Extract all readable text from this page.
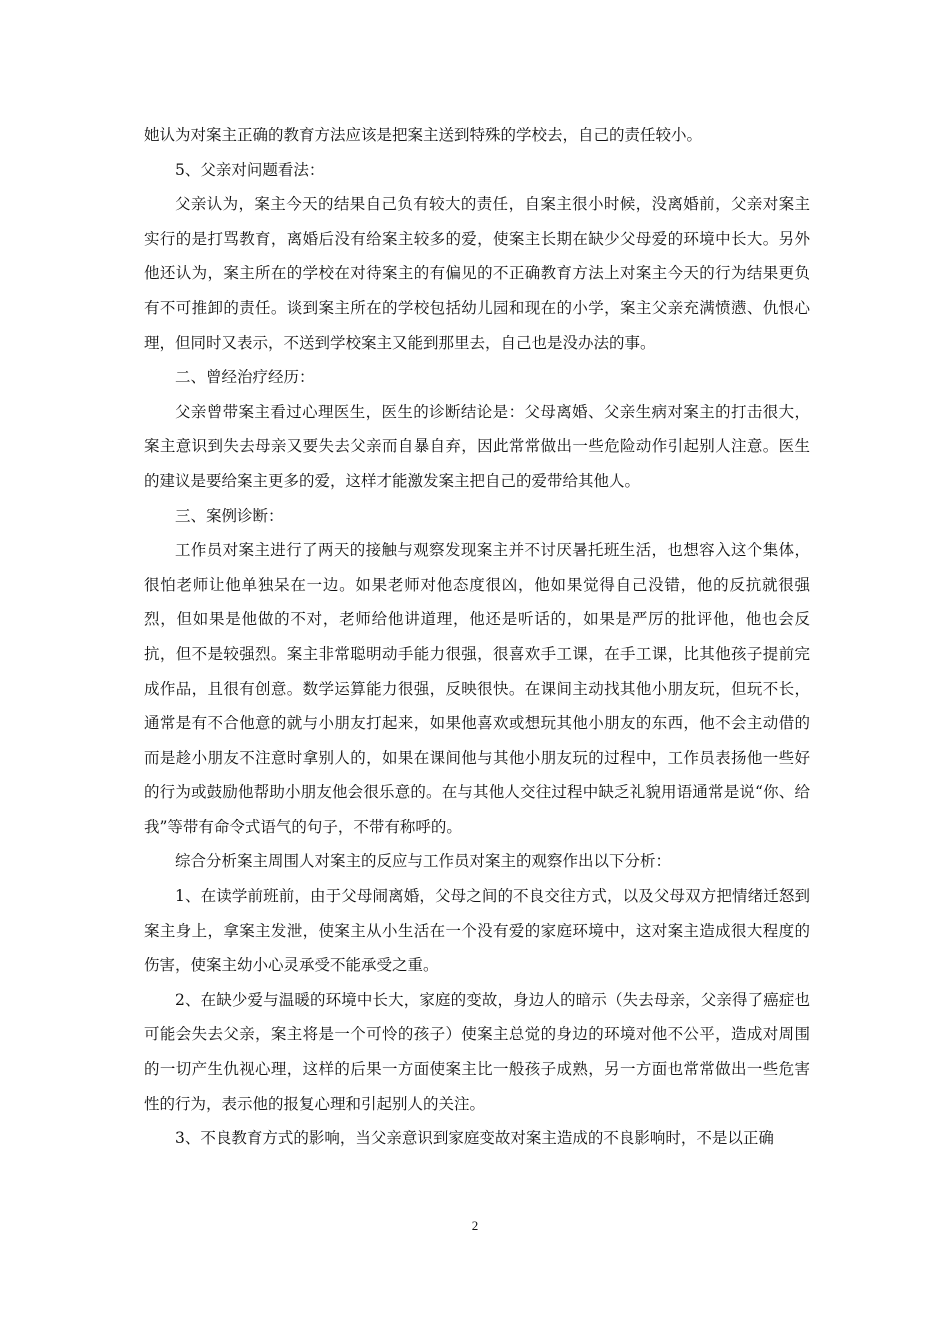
她认为对案主正确的教育方法应该是把案主送到特殊的学校去，自己的责任较小。

5、父亲对问题看法：

父亲认为，案主今天的结果自己负有较大的责任，自案主很小时候，没离婚前，父亲对案主实行的是打骂教育，离婚后没有给案主较多的爱，使案主长期在缺少父母爱的环境中长大。另外他还认为，案主所在的学校在对待案主的有偏见的不正确教育方法上对案主今天的行为结果更负有不可推卸的责任。谈到案主所在的学校包括幼儿园和现在的小学，案主父亲充满愤懑、仇恨心理，但同时又表示，不送到学校案主又能到那里去，自己也是没办法的事。

二、曾经治疗经历：

父亲曾带案主看过心理医生，医生的诊断结论是：父母离婚、父亲生病对案主的打击很大，案主意识到失去母亲又要失去父亲而自暴自弃，因此常常做出一些危险动作引起别人注意。医生的建议是要给案主更多的爱，这样才能激发案主把自己的爱带给其他人。

三、案例诊断：

工作员对案主进行了两天的接触与观察发现案主并不讨厌暑托班生活，也想容入这个集体，很怕老师让他单独呆在一边。如果老师对他态度很凶，他如果觉得自己没错，他的反抗就很强烈，但如果是他做的不对，老师给他讲道理，他还是听话的，如果是严厉的批评他，他也会反抗，但不是较强烈。案主非常聪明动手能力很强，很喜欢手工课，在手工课，比其他孩子提前完成作品，且很有创意。数学运算能力很强，反映很快。在课间主动找其他小朋友玩，但玩不长，通常是有不合他意的就与小朋友打起来，如果他喜欢或想玩其他小朋友的东西，他不会主动借的而是趁小朋友不注意时拿别人的，如果在课间他与其他小朋友玩的过程中，工作员表扬他一些好的行为或鼓励他帮助小朋友他会很乐意的。在与其他人交往过程中缺乏礼貌用语通常是说“你、给我”等带有命令式语气的句子，不带有称呼的。

综合分析案主周围人对案主的反应与工作员对案主的观察作出以下分析：

1、在读学前班前，由于父母闹离婚，父母之间的不良交往方式，以及父母双方把情绪迁怒到案主身上，拿案主发泄，使案主从小生活在一个没有爱的家庭环境中，这对案主造成很大程度的伤害，使案主幼小心灵承受不能承受之重。

2、在缺少爱与温暖的环境中长大，家庭的变故，身边人的暗示（失去母亲，父亲得了癌症也可能会失去父亲，案主将是一个可怜的孩子）使案主总觉的身边的环境对他不公平，造成对周围的一切产生仇视心理，这样的后果一方面使案主比一般孩子成熟，另一方面也常常做出一些危害性的行为，表示他的报复心理和引起别人的关注。

3、不良教育方式的影响，当父亲意识到家庭变故对案主造成的不良影响时，不是以正确

2
